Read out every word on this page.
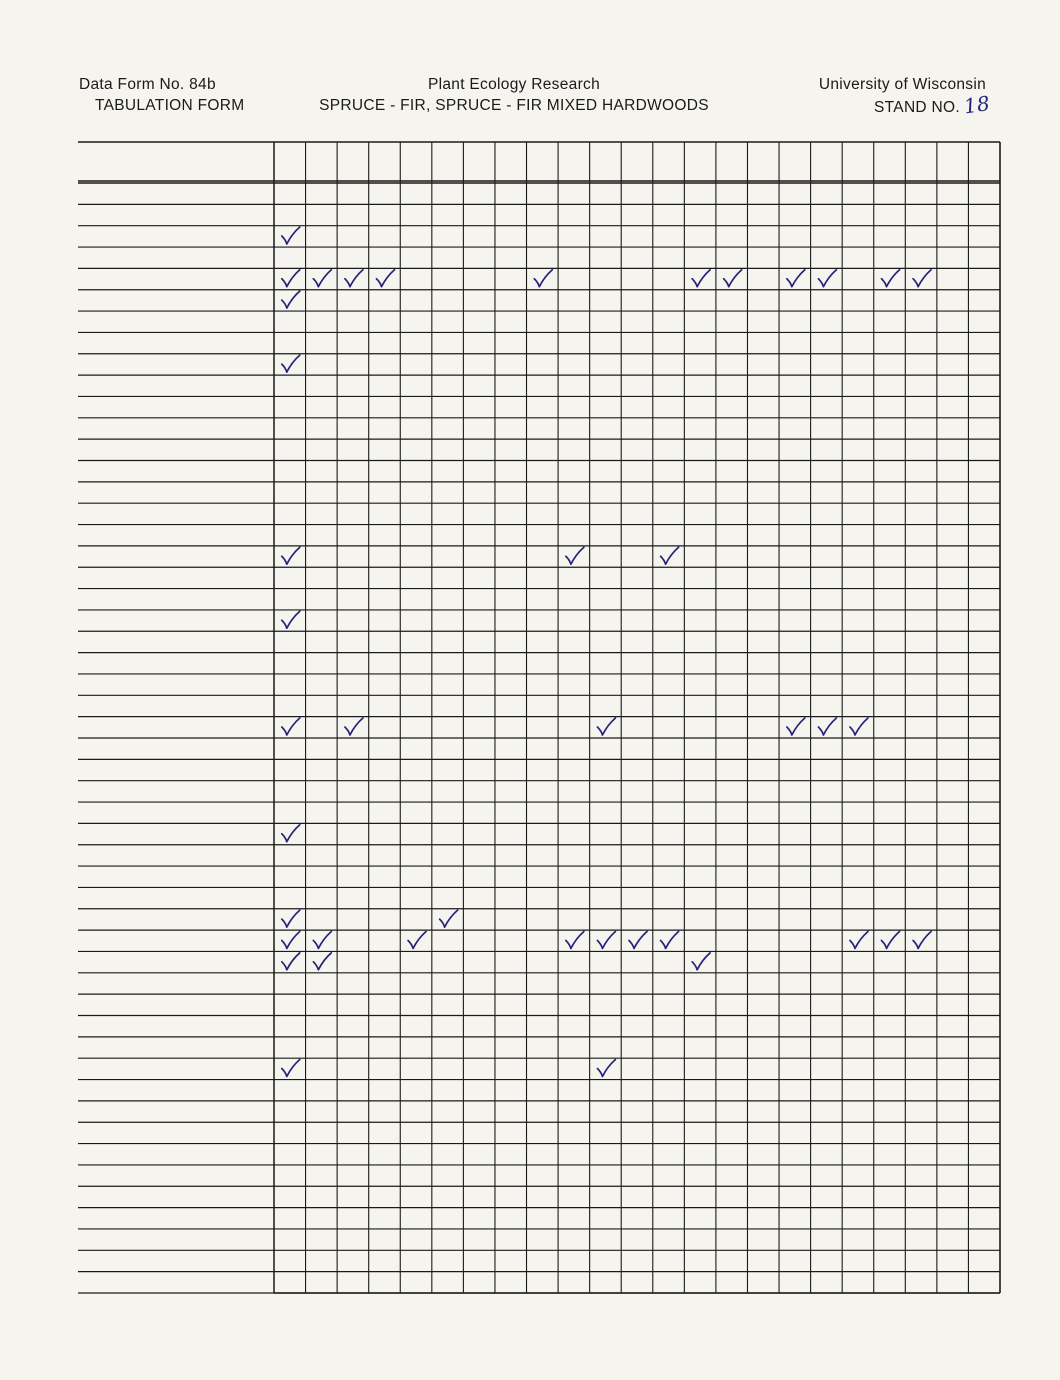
Data Form No. 84b
TABULATION FORM
Plant Ecology Research
SPRUCE - FIR, SPRUCE - FIR MIXED HARDWOODS
University of Wisconsin
STAND NO. 18
